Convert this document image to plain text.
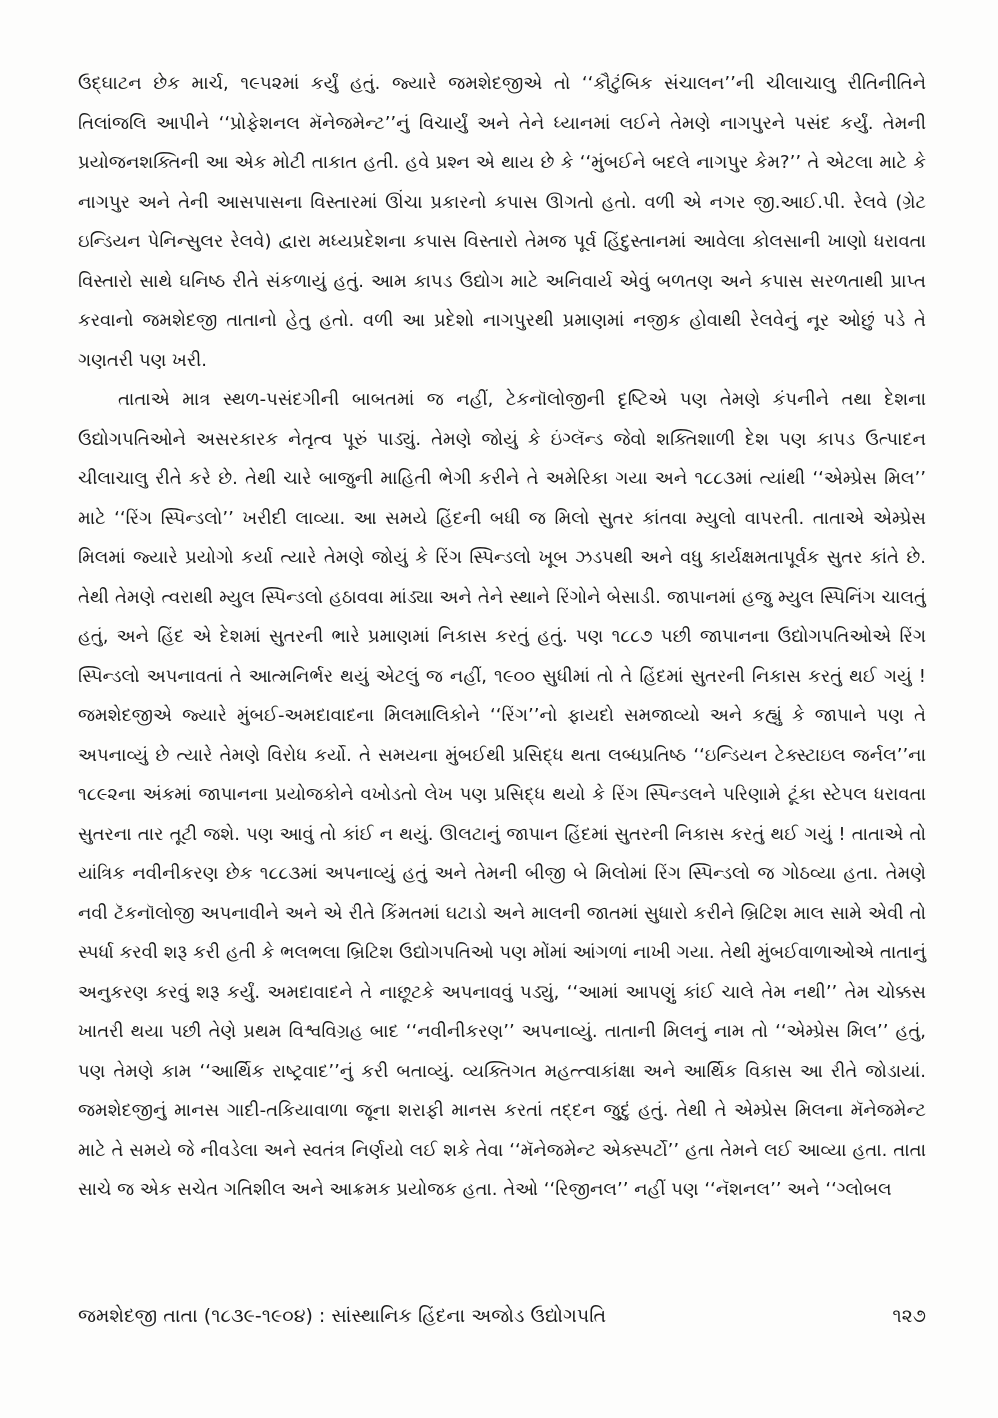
ઉદ્‌ઘાટન છેક માર્ચ, ૧૯૫૨માં કર્યું હતું. જ્યારે જમશેદજીએ તો ‘‘કૌટુંબિક સંચાલન’’ની ચીલાચાલુ રીતિનીતિને તિલાંજલિ આપીને ‘‘પ્રોફેશનલ મૅનેજમેન્ટ’’નું વિચાર્યું અને તેને ધ્યાનમાં લઈને તેમણે નાગપુરને પસંદ કર્યું. તેમની પ્રયોજનશક્તિની આ એક મોટી તાકાત હતી. હવે પ્રશ્ન એ થાય છે કે ‘‘મુંબઈને બદલે નાગપુર કેમ?’’ તે એટલા માટે કે નાગપુર અને તેની આસપાસના વિસ્તારમાં ઊંચા પ્રકારનો કપાસ ઊગતો હતો. વળી એ નગર જી.આઈ.પી. રેલવે (ગ્રેટ ઇન્ડિયન પેનિન્સુલર રેલવે) દ્વારા મધ્યપ્રદેશના કપાસ વિસ્તારો તેમજ પૂર્વ હિંદુસ્તાનમાં આવેલા કોલસાની ખાણો ધરાવતા વિસ્તારો સાથે ઘનિષ્ઠ રીતે સંકળાયું હતું. આમ કાપડ ઉદ્યોગ માટે અનિવાર્ય એવું બળતણ અને કપાસ સરળતાથી પ્રાપ્ત કરવાનો જમશેદજી તાતાનો હેતુ હતો. વળી આ પ્રદેશો નાગપુરથી પ્રમાણમાં નજીક હોવાથી રેલવેનું નૂર ઓછું પડે તે ગણતરી પણ ખરી.

તાતાએ માત્ર સ્થળ-પસંદગીની બાબતમાં જ નહીં, ટેકનૉલોજીની દૃષ્ટિએ પણ તેમણે કંપનીને તથા દેશના ઉદ્યોગપતિઓને અસરકારક નેતૃત્વ પૂરું પાડ્યું. તેમણે જોયું કે ઇંગ્લૅન્ડ જેવો શક્તિશાળી દેશ પણ કાપડ ઉત્પાદન ચીલાચાલુ રીતે કરે છે. તેથી ચારે બાજુની માહિતી ભેગી કરીને તે અમેરિકા ગયા અને ૧૮૮૩માં ત્યાંથી ‘‘એમ્પ્રેસ મિલ’’ માટે ‘‘રિંગ સ્પિન્ડલો’’ ખરીદી લાવ્યા. આ સમયે હિંદની બધી જ મિલો સુતર કાંતવા મ્યુલો વાપરતી. તાતાએ એમ્પ્રેસ મિલમાં જ્યારે પ્રયોગો કર્યા ત્યારે તેમણે જોયું કે રિંગ સ્પિન્ડલો ખૂબ ઝડપથી અને વધુ કાર્યક્ષમતાપૂર્વક સુતર કાંતે છે. તેથી તેમણે ત્વરાથી મ્યુલ સ્પિન્ડલો હઠાવવા માંડ્યા અને તેને સ્થાને રિંગોને બેસાડી. જાપાનમાં હજુ મ્યુલ સ્પિનિંગ ચાલતું હતું, અને હિંદ એ દેશમાં સુતરની ભારે પ્રમાણમાં નિકાસ કરતું હતું. પણ ૧૮૮૭ પછી જાપાનના ઉદ્યોગપતિઓએ રિંગ સ્પિન્ડલો અપનાવતાં તે આત્મનિર્ભર થયું એટલું જ નહીં, ૧૯૦૦ સુધીમાં તો તે હિંદમાં સુતરની નિકાસ કરતું થઈ ગયું ! જમશેદજીએ જ્યારે મુંબઈ-અમદાવાદના મિલમાલિકોને ‘‘રિંગ’’નો ફાયદો સમજાવ્યો અને કહ્યું કે જાપાને પણ તે અપનાવ્યું છે ત્યારે તેમણે વિરોધ કર્યો. તે સમયના મુંબઈથી પ્રસિદ્ધ થતા લબ્ધપ્રતિષ્ઠ ‘‘ઇન્ડિયન ટેક્સ્ટાઇલ જર્નલ’’ના ૧૮૯૨ના અંકમાં જાપાનના પ્રયોજકોને વખોડતો લેખ પણ પ્રસિદ્ધ થયો કે રિંગ સ્પિન્ડલને પરિણામે ટૂંકા સ્ટેપલ ધરાવતા સુતરના તાર તૂટી જશે. પણ આવું તો કાંઈ ન થયું. ઊલટાનું જાપાન હિંદમાં સુતરની નિકાસ કરતું થઈ ગયું ! તાતાએ તો યાંત્રિક નવીનીકરણ છેક ૧૮૮૩માં અપનાવ્યું હતું અને તેમની બીજી બે મિલોમાં રિંગ સ્પિન્ડલો જ ગોઠવ્યા હતા. તેમણે નવી ટૅકનૉલોજી અપનાવીને અને એ રીતે કિંમતમાં ઘટાડો અને માલની જાતમાં સુધારો કરીને બ્રિટિશ માલ સામે એવી તો સ્પર્ધા કરવી શરૂ કરી હતી કે ભલભલા બ્રિટિશ ઉદ્યોગપતિઓ પણ મોંમાં આંગળાં નાખી ગયા. તેથી મુંબઈવાળાઓએ તાતાનું અનુકરણ કરવું શરૂ કર્યું. અમદાવાદને તે નાછૂટકે અપનાવવું પડ્યું, ‘‘આમાં આપણું કાંઈ ચાલે તેમ નથી’’ તેમ ચોક્કસ ખાતરી થયા પછી તેણે પ્રથમ વિશ્વવિગ્રહ બાદ ‘‘નવીનીકરણ’’ અપનાવ્યું. તાતાની મિલનું નામ તો ‘‘એમ્પ્રેસ મિલ’’ હતું, પણ તેમણે કામ ‘‘આર્થિક રાષ્ટ્રવાદ’’નું કરી બતાવ્યું. વ્યક્તિગત મહત્ત્વાકાંક્ષા અને આર્થિક વિકાસ આ રીતે જોડાયાં. જમશેદજીનું માનસ ગાદી-તકિયાવાળા જૂના શરાફી માનસ કરતાં તદ્દન જુદું હતું. તેથી તે એમ્પ્રેસ મિલના મૅનેજમેન્ટ માટે તે સમયે જે નીવડેલા અને સ્વતંત્ર નિર્ણયો લઈ શકે તેવા ‘‘મૅનેજમેન્ટ એક્સ્પર્ટો’’ હતા તેમને લઈ આવ્યા હતા. તાતા સાચે જ એક સચેત ગતિશીલ અને આક્રમક પ્રયોજક હતા. તેઓ ‘‘રિજીનલ’’ નહીં પણ ‘‘નૅશનલ’’ અને ‘‘ગ્લોબલ

જમશેદજી તાતા (૧૮૩૯-૧૯૦૪) : સાંસ્થાનિક હિંદના અજોડ ઉદ્યોગપતિ	૧૨૭
